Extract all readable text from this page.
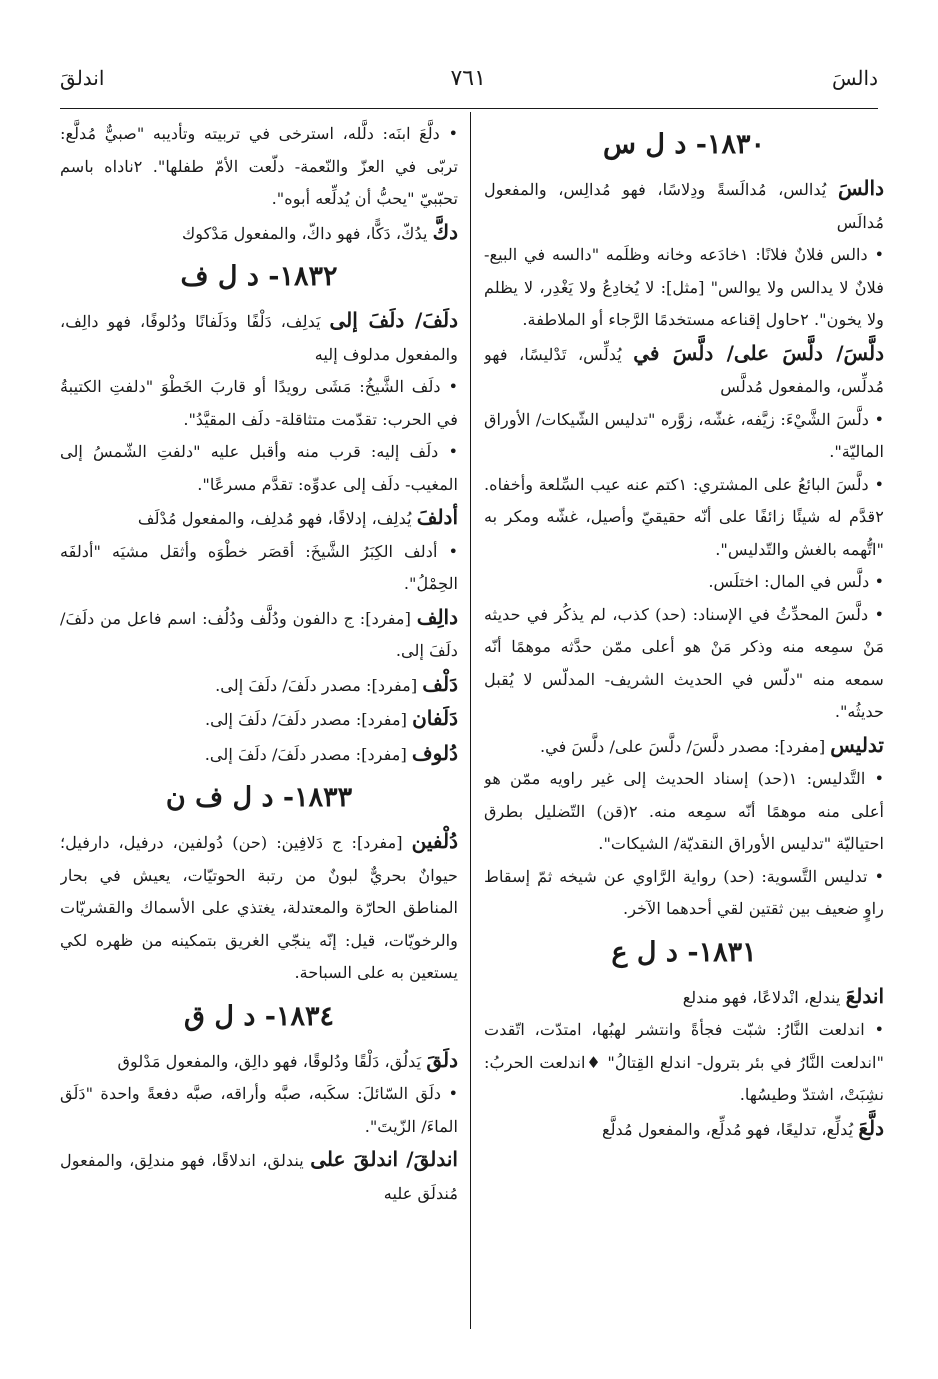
دالسَ
٧٦١
اندلقَ
١٨٣٠- د ل س

دالسَ يُدالس، مُدالَسةً ودِلاسًا، فهو مُدالِس، والمفعول مُدالَس

• دالس فلانٌ فلانًا: ١خادَعه وخانه وظلَمه "دالسه في البيع- فلانٌ لا يدالس ولا يوالس" [مثل]: لا يُخادِعُ ولا يَغْدِر، لا يظلم ولا يخون". ٢حاول إقناعه مستخدمًا الرَّجاء أو الملاطفة.

دلَّسَ/ دلَّسَ على/ دلَّسَ في يُدلِّس، تَدْليسًا، فهو مُدلِّس، والمفعول مُدلَّس

• دلَّسَ الشَّيْءَ: زيَّفه، غشّه، زوَّره "تدليس الشّيكات/ الأوراق الماليّة".

• دلَّسَ البائعُ على المشتري: ١كتم عنه عيب السِّلعة وأخفاه. ٢قدَّم له شيئًا زائفًا على أنّه حقيقيّ وأصيل، غشّه ومكر به "اتُّهمه بالغش والتّدليس".

• دلَّس في المال: اختلَس.

• دلَّسَ المحدِّثُ في الإسناد: (حد) كذب، لم يذكُر في حديثه مَنْ سمِعه منه وذكر مَنْ هو أعلى ممّن حدَّثه موهمًا أنّه سمعه منه "دلّس في الحديث الشريف- المدلّس لا يُقبل حديثُه".

تدليس [مفرد]: مصدر دلَّسَ/ دلَّسَ على/ دلَّسَ في.

• التَّدليس: ١(حد) إسناد الحديث إلى غير راويه ممّن هو أعلى منه موهمًا أنّه سمِعه منه. ٢(قن) التّضليل بطرق احتياليّة "تدليس الأوراق النقديّة/ الشيكات".

• تدليس التَّسوية: (حد) رواية الرَّاوي عن شيخه ثمّ إسقاط راوٍ ضعيف بين ثقتين لقي أحدهما الآخر.

١٨٣١- د ل ع

اندلعَ يندلع، انْدلاعًا، فهو مندلع

• اندلعت النَّارُ: شبّت فجأةً وانتشر لهبُها، امتدّت، اتّقدت "اندلعت النَّارُ في بئر بترول- اندلع القِتالُ" ♦اندلعت الحربُ: نشِبَتْ، اشتدّ وطيسُها.

دلَّعَ يُدلِّع، تدليعًا، فهو مُدلِّع، والمفعول مُدلَّع

• دلَّعَ ابنَه: دلَّله، استرخى في تربيته وتأديبه "صبيٌّ مُدلَّع: تربّى في العزّ والنّعمة- دلّعت الأمّ طفلها". ٢ناداه باسم تحبّبيّ "يحبُّ أن يُدلِّعه أبوه".

دكَّ يدُكّ، دَكًّا، فهو داكّ، والمفعول مَدْكوك

١٨٣٢- د ل ف

دلَفَ/ دلَفَ إلى يَدلِف، دَلْفًا ودَلَفانًا ودُلوفًا، فهو دالِف، والمفعول مدلوف إليه

• دلَف الشَّيخُ: مَشَى رويدًا أو قاربَ الخَطْوَ "دلفتِ الكتيبةُ في الحرب: تقدّمت متثاقلة- دلَف المقيَّدُ".

• دلَف إليه: قرب منه وأقبل عليه "دلفتِ الشّمسُ إلى المغيب- دلَف إلى عدوِّه: تقدَّم مسرعًا".

أدلفَ يُدلِف، إدلافًا، فهو مُدلِف، والمفعول مُدْلَف

• أدلف الكِبَرُ الشَّيخَ: أقصَر خطْوَه وأثقل مشيَه "أدلفَه الحِمْلُ".

دالِف [مفرد]: ج دالفون ودُلَّف ودُلُف: اسم فاعل من دلَفَ/ دلَفَ إلى.

دَلْف [مفرد]: مصدر دلَفَ/ دلَفَ إلى.

دَلَفان [مفرد]: مصدر دلَفَ/ دلَفَ إلى.

دُلوف [مفرد]: مصدر دلَفَ/ دلَفَ إلى.

١٨٣٣- د ل ف ن

دُلْفين [مفرد]: ج دَلافِين: (حن) دُولفين، درفيل، دارفيل؛ حيوانٌ بحريٌّ لبونٌ من رتبة الحوتيّات، يعيش في بحار المناطق الحارّة والمعتدلة، يغتذي على الأسماك والقشريّات والرخويّات، قيل: إنّه ينجّي الغريق بتمكينه من ظهره لكي يستعين به على السباحة.

١٨٣٤- د ل ق

دلَقَ يَدلُق، دَلْقًا ودُلوقًا، فهو دالِق، والمفعول مَدْلوق

• دلَق السّائلَ: سكَبه، صبَّه وأراقه، صبَّه دفعةً واحدة "دَلَق الماءَ/ الزّيتَ".

اندلقَ/ اندلقَ على يندلق، اندلاقًا، فهو مندلِق، والمفعول مُندلَق عليه
